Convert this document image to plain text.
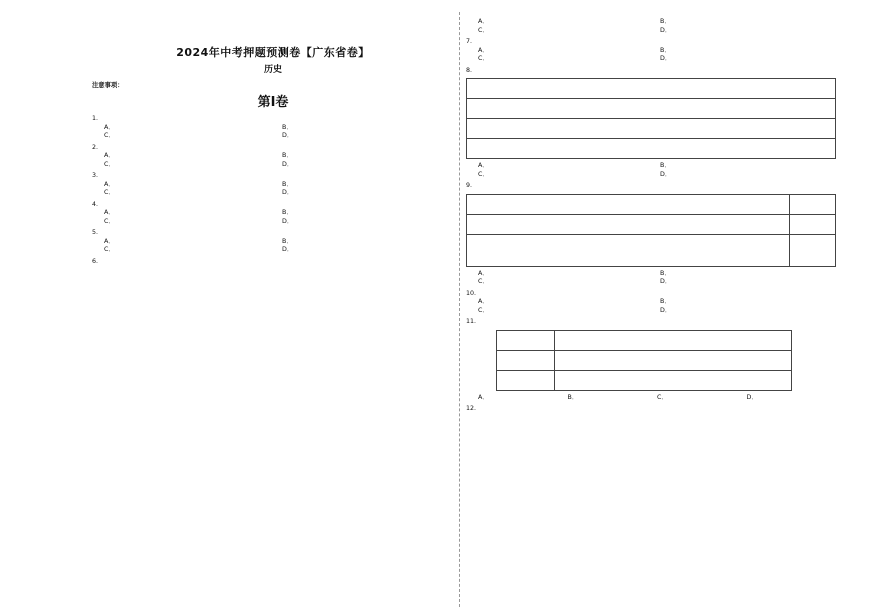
2024年中考押题预测卷【广东省卷】
历史
注意事项：

第Ⅰ卷
1.
A．	B．
C．	D．
2.
A．	B．
C．	D．
3.
A．	B．
C．	D．
4.
A．	B．
C．	D．
5.
A．	B．
C．	D．
6.
A．	B．
C．	D．
7.
A．	B．
C．	D．
8.

A．	B．
C．	D．
9.

A．	B．
C．	D．
10.
A．	B．
C．	D．
11.

A．	B．	C．	D．
12.
